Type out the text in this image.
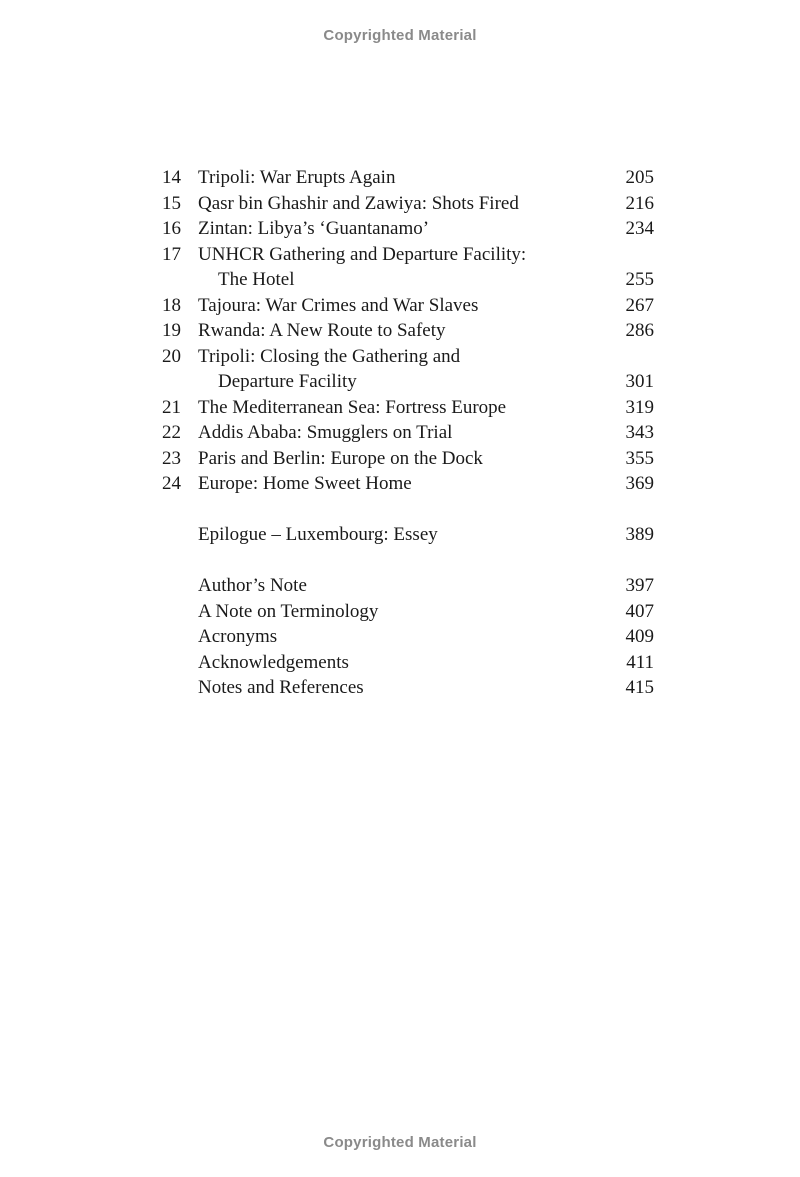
Copyrighted Material
14 Tripoli: War Erupts Again	205
15 Qasr bin Ghashir and Zawiya: Shots Fired	216
16 Zintan: Libya’s ‘Guantanamo’	234
17 UNHCR Gathering and Departure Facility:
The Hotel	255
18 Tajoura: War Crimes and War Slaves	267
19 Rwanda: A New Route to Safety	286
20 Tripoli: Closing the Gathering and
Departure Facility	301
21 The Mediterranean Sea: Fortress Europe	319
22 Addis Ababa: Smugglers on Trial	343
23 Paris and Berlin: Europe on the Dock	355
24 Europe: Home Sweet Home	369
Epilogue – Luxembourg: Essey	389
Author’s Note	397
A Note on Terminology	407
Acronyms	409
Acknowledgements	411
Notes and References	415
Copyrighted Material
